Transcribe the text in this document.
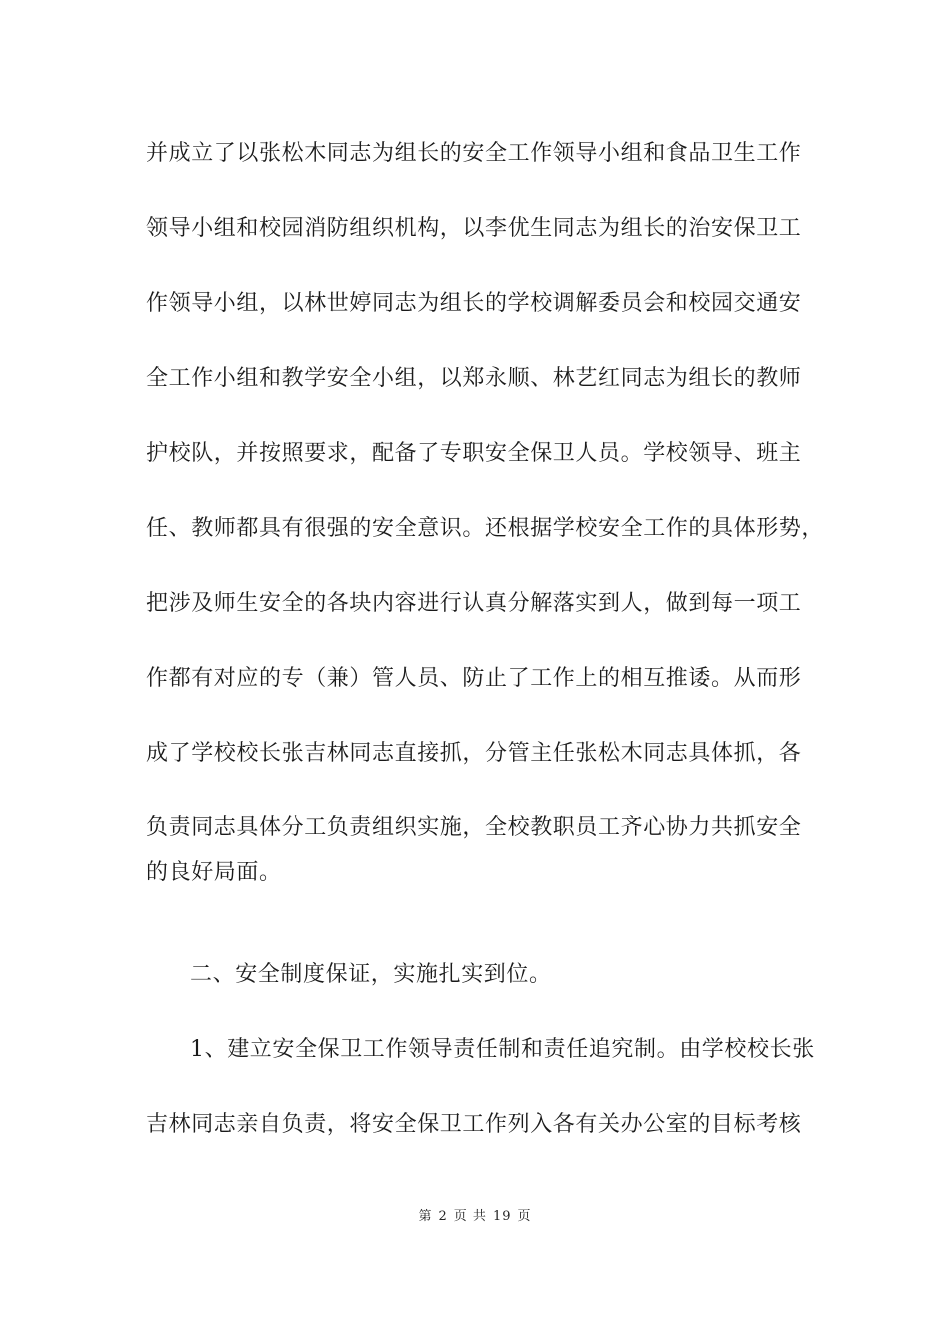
并成立了以张松木同志为组长的安全工作领导小组和食品卫生工作
领导小组和校园消防组织机构，以李优生同志为组长的治安保卫工
作领导小组，以林世婷同志为组长的学校调解委员会和校园交通安
全工作小组和教学安全小组，以郑永顺、林艺红同志为组长的教师
护校队，并按照要求，配备了专职安全保卫人员。学校领导、班主
任、教师都具有很强的安全意识。还根据学校安全工作的具体形势，
把涉及师生安全的各块内容进行认真分解落实到人，做到每一项工
作都有对应的专（兼）管人员、防止了工作上的相互推诿。从而形
成了学校校长张吉林同志直接抓，分管主任张松木同志具体抓，各
负责同志具体分工负责组织实施，全校教职员工齐心协力共抓安全
的良好局面。
二、安全制度保证，实施扎实到位。
1、建立安全保卫工作领导责任制和责任追究制。由学校校长张
吉林同志亲自负责，将安全保卫工作列入各有关办公室的目标考核
第 2 页 共 19 页
